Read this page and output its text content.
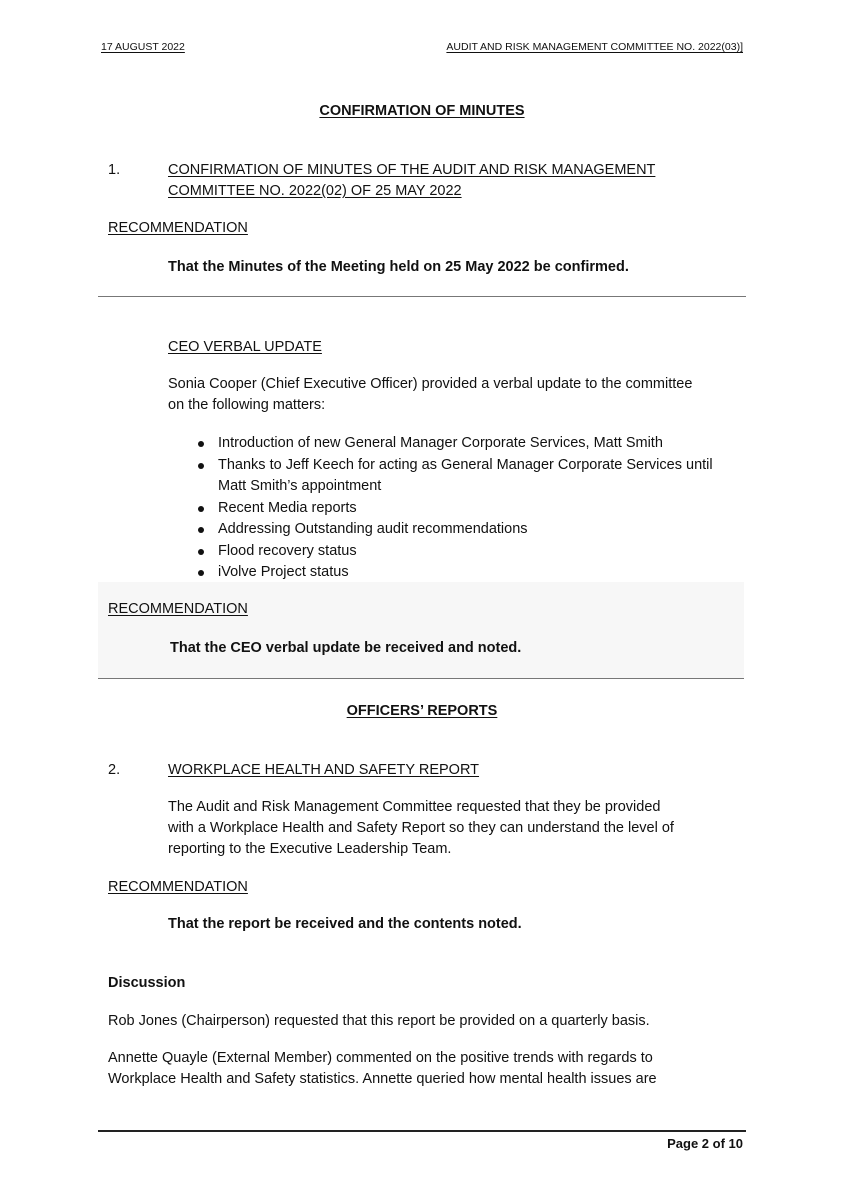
17 AUGUST 2022	AUDIT AND RISK MANAGEMENT COMMITTEE NO. 2022(03)]
CONFIRMATION OF MINUTES
1.	CONFIRMATION OF MINUTES OF THE AUDIT AND RISK MANAGEMENT
COMMITTEE NO. 2022(02) OF 25 MAY 2022
RECOMMENDATION
That the Minutes of the Meeting held on 25 May 2022 be confirmed.
CEO VERBAL UPDATE
Sonia Cooper (Chief Executive Officer) provided a verbal update to the committee
on the following matters:
Introduction of new General Manager Corporate Services, Matt Smith
Thanks to Jeff Keech for acting as General Manager Corporate Services until Matt Smith’s appointment
Recent Media reports
Addressing Outstanding audit recommendations
Flood recovery status
iVolve Project status
RECOMMENDATION
That the CEO verbal update be received and noted.
OFFICERS’ REPORTS
2.	WORKPLACE HEALTH AND SAFETY REPORT
The Audit and Risk Management Committee requested that they be provided
with a Workplace Health and Safety Report so they can understand the level of
reporting to the Executive Leadership Team.
RECOMMENDATION
That the report be received and the contents noted.
Discussion
Rob Jones (Chairperson) requested that this report be provided on a quarterly basis.
Annette Quayle (External Member) commented on the positive trends with regards to
Workplace Health and Safety statistics. Annette queried how mental health issues are
Page 2 of 10
